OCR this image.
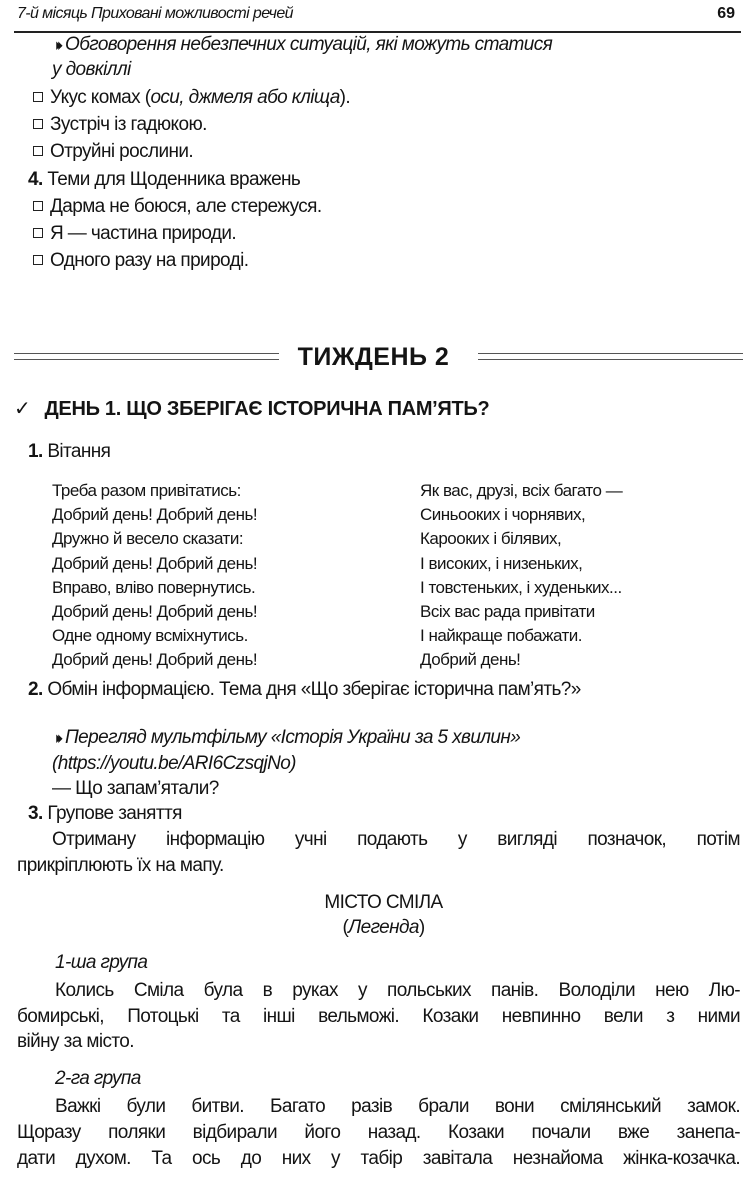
7-й місяць Приховані можливості речей	69
⏵⏵ Обговорення небезпечних ситуацій, які можуть статися
у довкіллі
Укус комах (оси, джмеля або кліща).
Зустріч із гадюкою.
Отруйні рослини.
4. Теми для Щоденника вражень
Дарма не боюся, але стережуся.
Я — частина природи.
Одного разу на природі.
ТИЖДЕНЬ 2
✓ ДЕНЬ 1. ЩО ЗБЕРІГАЄ ІСТОРИЧНА ПАМ’ЯТЬ?
1. Вітання
Треба разом привітатись:
Добрий день! Добрий день!
Дружно й весело сказати:
Добрий день! Добрий день!
Вправо, вліво повернутись.
Добрий день! Добрий день!
Одне одному всміхнутись.
Добрий день! Добрий день!
Як вас, друзі, всіх багато —
Синьооких і чорнявих,
Карооких і білявих,
І високих, і низеньких,
І товстеньких, і худеньких...
Всіх вас рада привітати
І найкраще побажати.
Добрий день!
2. Обмін інформацією. Тема дня «Що зберігає історична пам’ять?»
⏵⏵ Перегляд мультфільму «Історія України за 5 хвилин»
(https://youtu.be/ARI6CzsqjNo)
— Що запам’ятали?
3. Групове заняття
Отриману інформацію учні подають у вигляді позначок, потім
прикріплюють їх на мапу.
МІСТО СМІЛА
(Легенда)
1-ша група
Колись Сміла була в руках у польських панів. Володіли нею Лю-
бомирські, Потоцькі та інші вельможі. Козаки невпинно вели з ними
війну за місто.
2-га група
Важкі були битви. Багато разів брали вони смілянський замок.
Щоразу поляки відбирали його назад. Козаки почали вже занепа-
дати духом. Та ось до них у табір завітала незнайома жінка-козачка.
